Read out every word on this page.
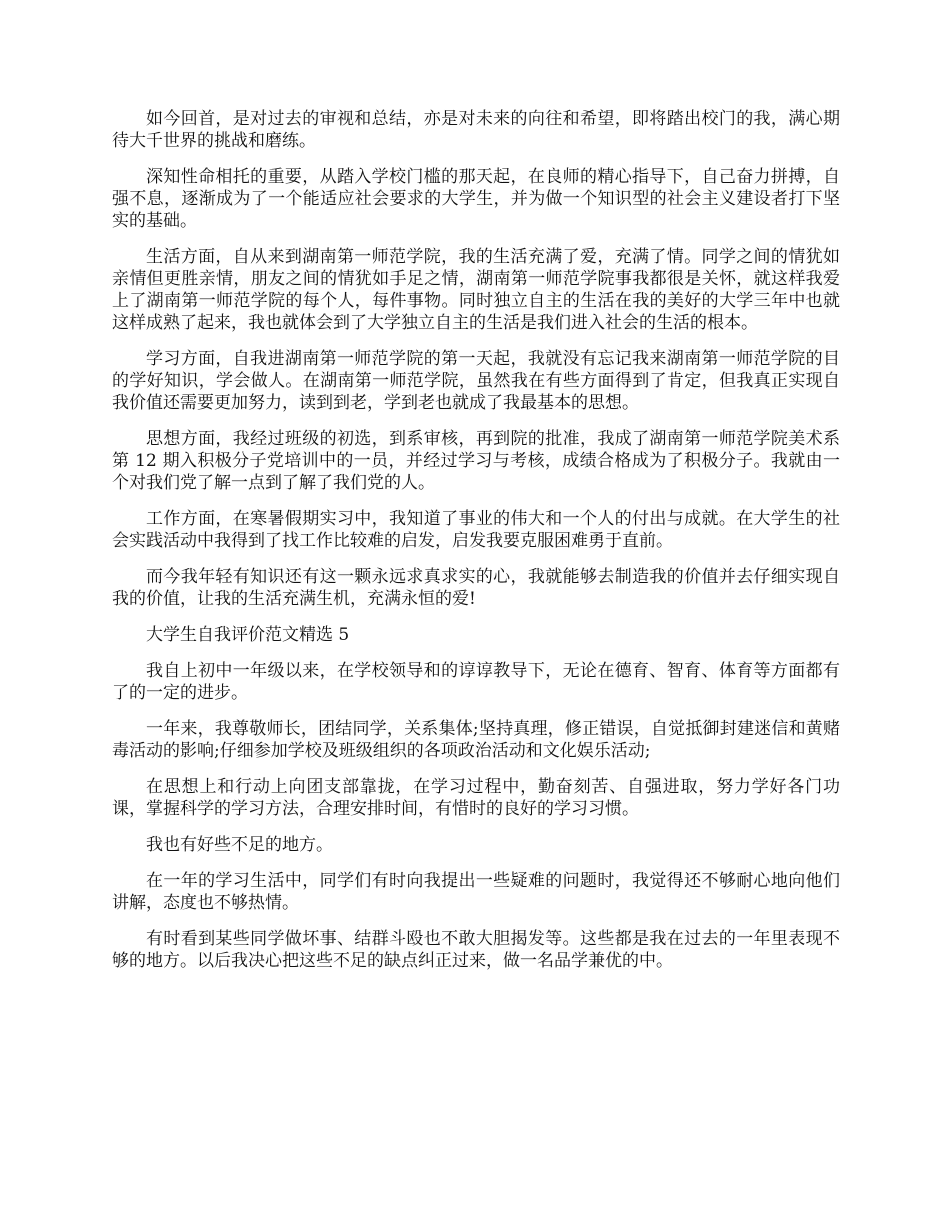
如今回首，是对过去的审视和总结，亦是对未来的向往和希望，即将踏出校门的我，满心期待大千世界的挑战和磨练。

深知性命相托的重要，从踏入学校门槛的那天起，在良师的精心指导下，自己奋力拼搏，自强不息，逐渐成为了一个能适应社会要求的大学生，并为做一个知识型的社会主义建设者打下坚实的基础。

生活方面，自从来到湖南第一师范学院，我的生活充满了爱，充满了情。同学之间的情犹如亲情但更胜亲情，朋友之间的情犹如手足之情，湖南第一师范学院事我都很是关怀，就这样我爱上了湖南第一师范学院的每个人，每件事物。同时独立自主的生活在我的美好的大学三年中也就这样成熟了起来，我也就体会到了大学独立自主的生活是我们进入社会的生活的根本。

学习方面，自我进湖南第一师范学院的第一天起，我就没有忘记我来湖南第一师范学院的目的学好知识，学会做人。在湖南第一师范学院，虽然我在有些方面得到了肯定，但我真正实现自我价值还需要更加努力，读到到老，学到老也就成了我最基本的思想。

思想方面，我经过班级的初选，到系审核，再到院的批准，我成了湖南第一师范学院美术系第 12 期入积极分子党培训中的一员，并经过学习与考核，成绩合格成为了积极分子。我就由一个对我们党了解一点到了解了我们党的人。

工作方面，在寒暑假期实习中，我知道了事业的伟大和一个人的付出与成就。在大学生的社会实践活动中我得到了找工作比较难的启发，启发我要克服困难勇于直前。

而今我年轻有知识还有这一颗永远求真求实的心，我就能够去制造我的价值并去仔细实现自我的价值，让我的生活充满生机，充满永恒的爱!

大学生自我评价范文精选 5

我自上初中一年级以来，在学校领导和的谆谆教导下，无论在德育、智育、体育等方面都有了的一定的进步。

一年来，我尊敬师长，团结同学，关系集体;坚持真理，修正错误，自觉抵御封建迷信和黄赌毒活动的影响;仔细参加学校及班级组织的各项政治活动和文化娱乐活动;

在思想上和行动上向团支部靠拢，在学习过程中，勤奋刻苦、自强进取，努力学好各门功课，掌握科学的学习方法，合理安排时间，有惜时的良好的学习习惯。

我也有好些不足的地方。

在一年的学习生活中，同学们有时向我提出一些疑难的问题时，我觉得还不够耐心地向他们讲解，态度也不够热情。

有时看到某些同学做坏事、结群斗殴也不敢大胆揭发等。这些都是我在过去的一年里表现不够的地方。以后我决心把这些不足的缺点纠正过来，做一名品学兼优的中。
